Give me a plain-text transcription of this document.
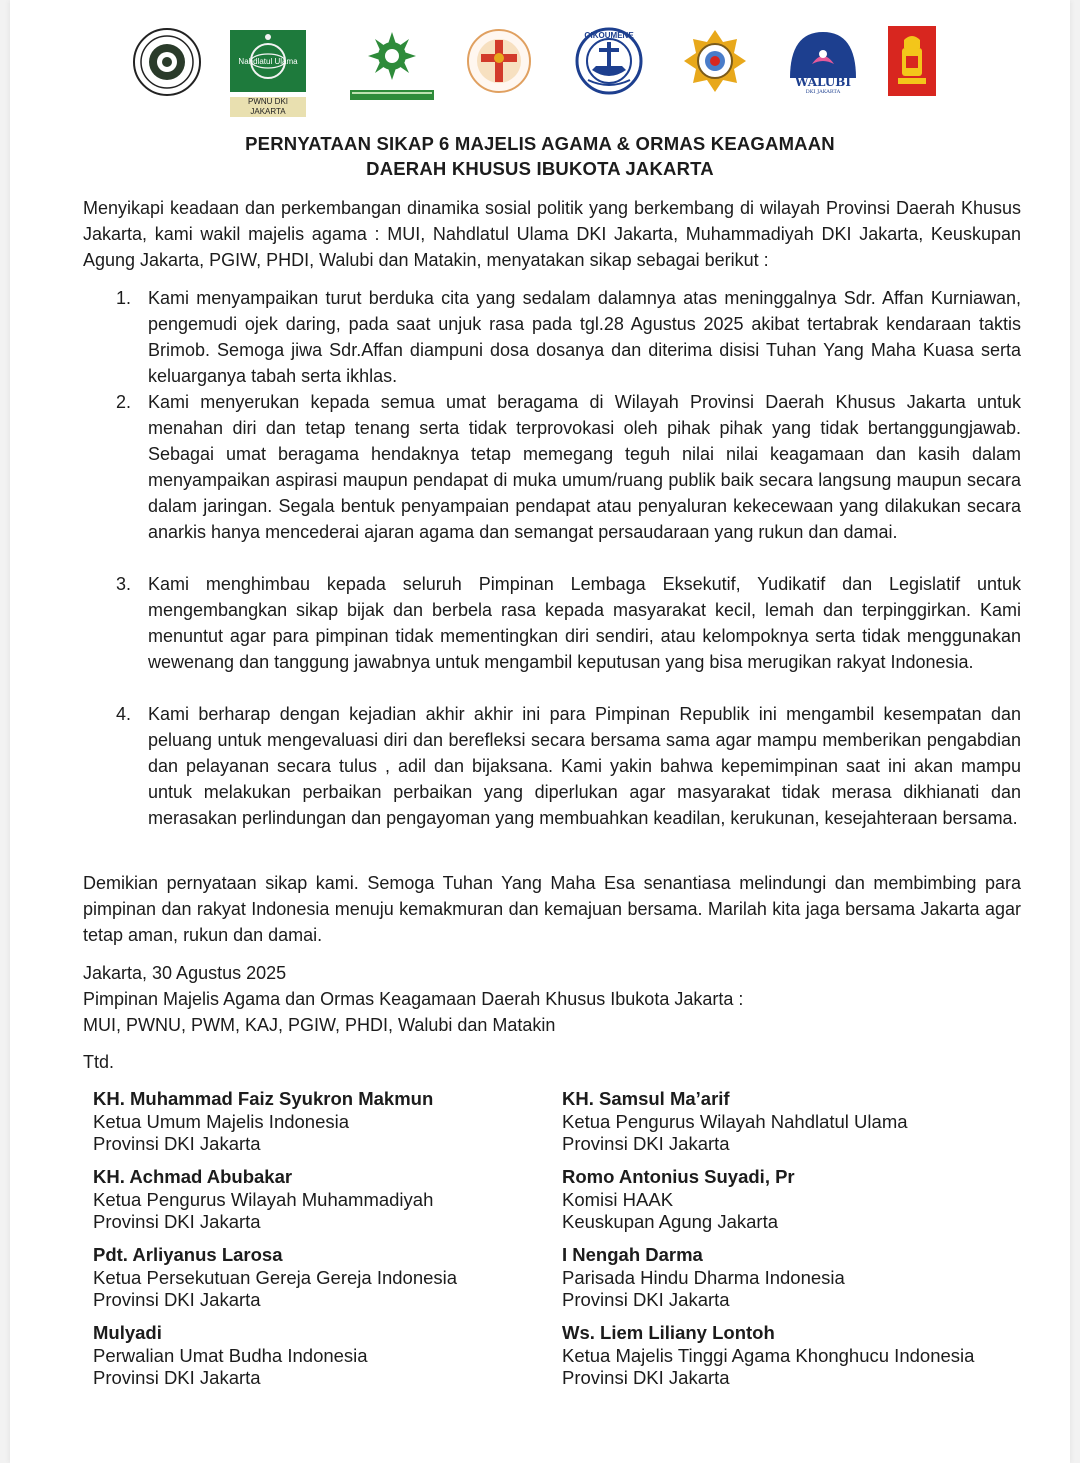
Nahdlatul Ulama
PWNU DKI JAKARTA
OIKOUMENE
WALUBI
DKI JAKARTA
PERNYATAAN SIKAP 6 MAJELIS AGAMA & ORMAS KEAGAMAAN
DAERAH KHUSUS IBUKOTA JAKARTA
Menyikapi keadaan dan perkembangan dinamika sosial politik yang berkembang di wilayah Provinsi Daerah Khusus Jakarta, kami wakil majelis agama : MUI, Nahdlatul Ulama DKI Jakarta, Muhammadiyah DKI Jakarta, Keuskupan Agung Jakarta, PGIW, PHDI, Walubi dan Matakin, menyatakan sikap sebagai berikut :
1. Kami menyampaikan turut berduka cita yang sedalam dalamnya atas meninggalnya Sdr. Affan Kurniawan, pengemudi ojek daring, pada saat unjuk rasa pada tgl.28 Agustus 2025 akibat tertabrak kendaraan taktis Brimob. Semoga jiwa Sdr.Affan diampuni dosa dosanya dan diterima disisi Tuhan Yang Maha Kuasa serta keluarganya tabah serta ikhlas.
2. Kami menyerukan kepada semua umat beragama di Wilayah Provinsi Daerah Khusus Jakarta untuk menahan diri dan tetap tenang serta tidak terprovokasi oleh pihak pihak yang tidak bertanggungjawab. Sebagai umat beragama hendaknya tetap memegang teguh nilai nilai keagamaan dan kasih dalam menyampaikan aspirasi maupun pendapat di muka umum/ruang publik baik secara langsung maupun secara dalam jaringan. Segala bentuk penyampaian pendapat atau penyaluran kekecewaan yang dilakukan secara anarkis hanya mencederai ajaran agama dan semangat persaudaraan yang rukun dan damai.
3. Kami menghimbau kepada seluruh Pimpinan Lembaga Eksekutif, Yudikatif dan Legislatif untuk mengembangkan sikap bijak dan berbela rasa kepada masyarakat kecil, lemah dan terpinggirkan. Kami menuntut agar para pimpinan tidak mementingkan diri sendiri, atau kelompoknya serta tidak menggunakan wewenang dan tanggung jawabnya untuk mengambil keputusan yang bisa merugikan rakyat Indonesia.
4. Kami berharap dengan kejadian akhir akhir ini para Pimpinan Republik ini mengambil kesempatan dan peluang untuk mengevaluasi diri dan berefleksi secara bersama sama agar mampu memberikan pengabdian dan pelayanan secara tulus , adil dan bijaksana. Kami yakin bahwa kepemimpinan saat ini akan mampu untuk melakukan perbaikan perbaikan yang diperlukan agar masyarakat tidak merasa dikhianati dan merasakan perlindungan dan pengayoman yang membuahkan keadilan, kerukunan, kesejahteraan bersama.
Demikian pernyataan sikap kami. Semoga Tuhan Yang Maha Esa senantiasa melindungi dan membimbing para pimpinan dan rakyat Indonesia menuju kemakmuran dan kemajuan bersama. Marilah kita jaga bersama Jakarta agar tetap aman, rukun dan damai.
Jakarta, 30 Agustus 2025
Pimpinan Majelis Agama dan Ormas Keagamaan Daerah Khusus Ibukota Jakarta :
MUI, PWNU, PWM, KAJ, PGIW, PHDI, Walubi dan Matakin
Ttd.
KH. Muhammad Faiz Syukron Makmun
Ketua Umum Majelis Indonesia
Provinsi DKI Jakarta
KH. Samsul Ma’arif
Ketua Pengurus Wilayah Nahdlatul Ulama
Provinsi DKI Jakarta
KH. Achmad Abubakar
Ketua Pengurus Wilayah Muhammadiyah
Provinsi DKI Jakarta
Romo Antonius Suyadi, Pr
Komisi HAAK
Keuskupan Agung Jakarta
Pdt. Arliyanus Larosa
Ketua Persekutuan Gereja Gereja Indonesia
Provinsi DKI Jakarta
I Nengah Darma
Parisada Hindu Dharma Indonesia
Provinsi DKI Jakarta
Mulyadi
Perwalian Umat Budha Indonesia
Provinsi DKI Jakarta
Ws. Liem Liliany Lontoh
Ketua Majelis Tinggi Agama Khonghucu Indonesia
Provinsi DKI Jakarta
